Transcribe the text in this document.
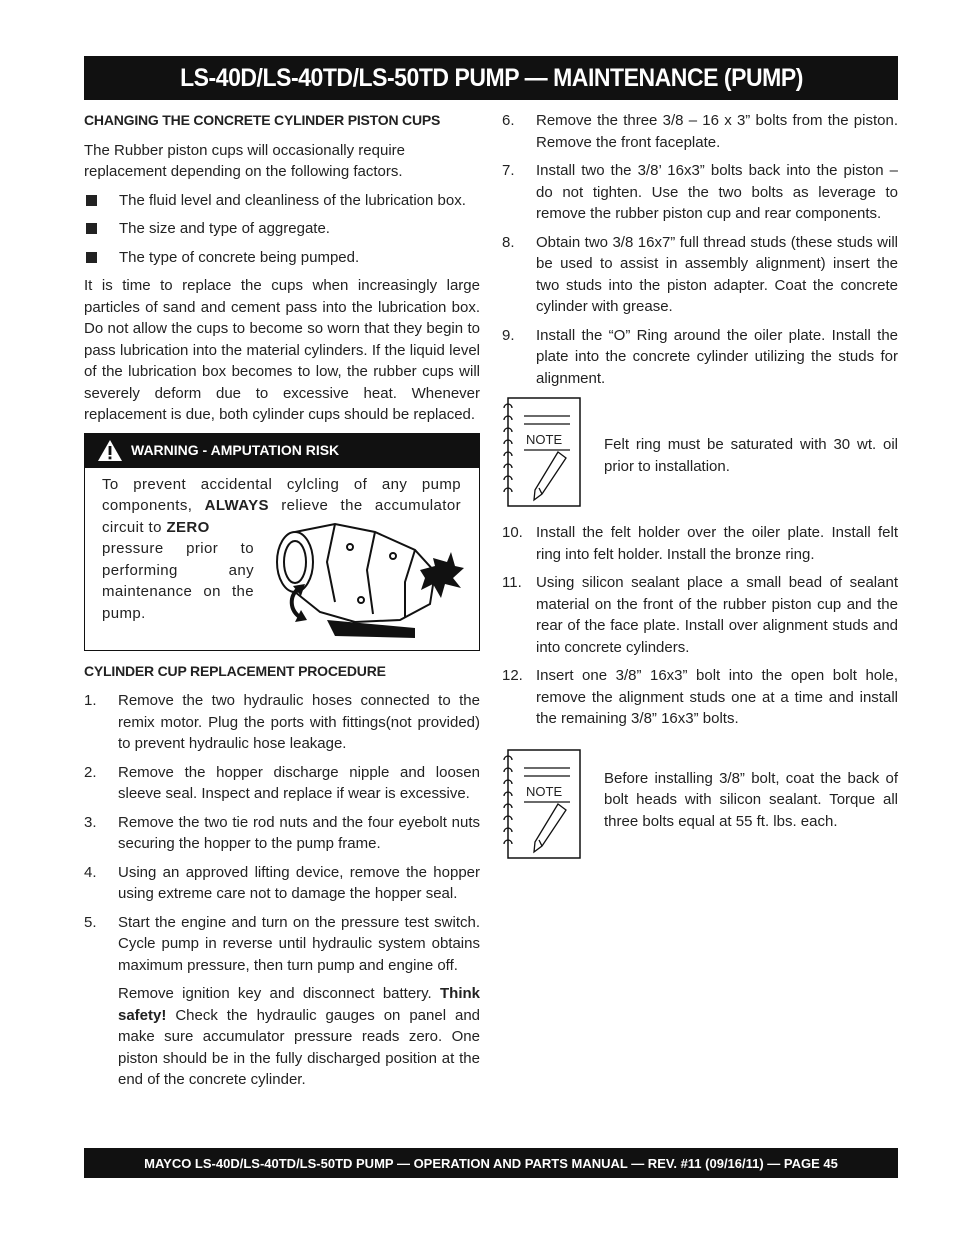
LS-40D/LS-40TD/LS-50TD PUMP — MAINTENANCE (PUMP)
CHANGING THE CONCRETE CYLINDER PISTON CUPS

The Rubber piston cups will occasionally require replacement depending on the following factors.

The fluid level and cleanliness of the lubrication box.
The size and type of aggregate.
The type of concrete being pumped.

It is time to replace the cups when increasingly large particles of sand and cement pass into the lubrication box. Do not allow the cups to become so worn that they begin to pass lubrication into the material cylinders. If the liquid level of the lubrication box becomes to low, the rubber cups will severely deform due to excessive heat. Whenever replacement is due, both cylinder cups should be replaced.

WARNING - AMPUTATION RISK
To prevent accidental cylcling of any pump components, ALWAYS relieve the accumulator circuit to ZERO
pressure prior to performing any maintenance on the pump.
CYLINDER CUP REPLACEMENT PROCEDURE
1.	Remove the two hydraulic hoses connected to the remix motor. Plug the ports with fittings(not provided) to prevent hydraulic hose leakage.
2.	Remove the hopper discharge nipple and loosen sleeve seal. Inspect and replace if wear is excessive.
3.	Remove the two tie rod nuts and the four eyebolt nuts securing the hopper to the pump frame.
4.	Using an approved lifting device, remove the hopper using extreme care not to damage the hopper seal.
5.	Start the engine and turn on the pressure test switch. Cycle pump in reverse until hydraulic system obtains maximum pressure, then turn pump and engine off.
Remove ignition key and disconnect battery. Think safety! Check the hydraulic gauges on panel and make sure accumulator pressure reads zero. One piston should be in the fully discharged position at the end of the concrete cylinder.
6.	Remove the three 3/8 – 16 x 3” bolts from the piston. Remove the front faceplate.
7.	Install two the 3/8’ 16x3” bolts back into the piston – do not tighten. Use the two bolts as leverage to remove the rubber piston cup and rear components.
8.	Obtain two 3/8 16x7” full thread studs (these studs will be used to assist in assembly alignment) insert the two studs into the piston adapter. Coat the concrete cylinder with grease.
9.	Install the “O” Ring around the oiler plate. Install the plate into the concrete cylinder utilizing the studs for alignment.
NOTE	Felt ring must be saturated with 30 wt. oil prior to installation.
10. Install the felt holder over the oiler plate. Install felt ring into felt holder. Install the bronze ring.
11. Using silicon sealant place a small bead of sealant material on the front of the rubber piston cup and the rear of the face plate. Install over alignment studs and into concrete cylinders.
12. Insert one 3/8” 16x3” bolt into the open bolt hole, remove the alignment studs one at a time and install the remaining 3/8” 16x3” bolts.
NOTE
Before installing 3/8” bolt, coat the back of bolt heads with silicon sealant. Torque all three bolts equal at 55 ft. lbs. each.
MAYCO LS-40D/LS-40TD/LS-50TD PUMP — OPERATION AND PARTS MANUAL — REV. #11 (09/16/11) — PAGE 45
